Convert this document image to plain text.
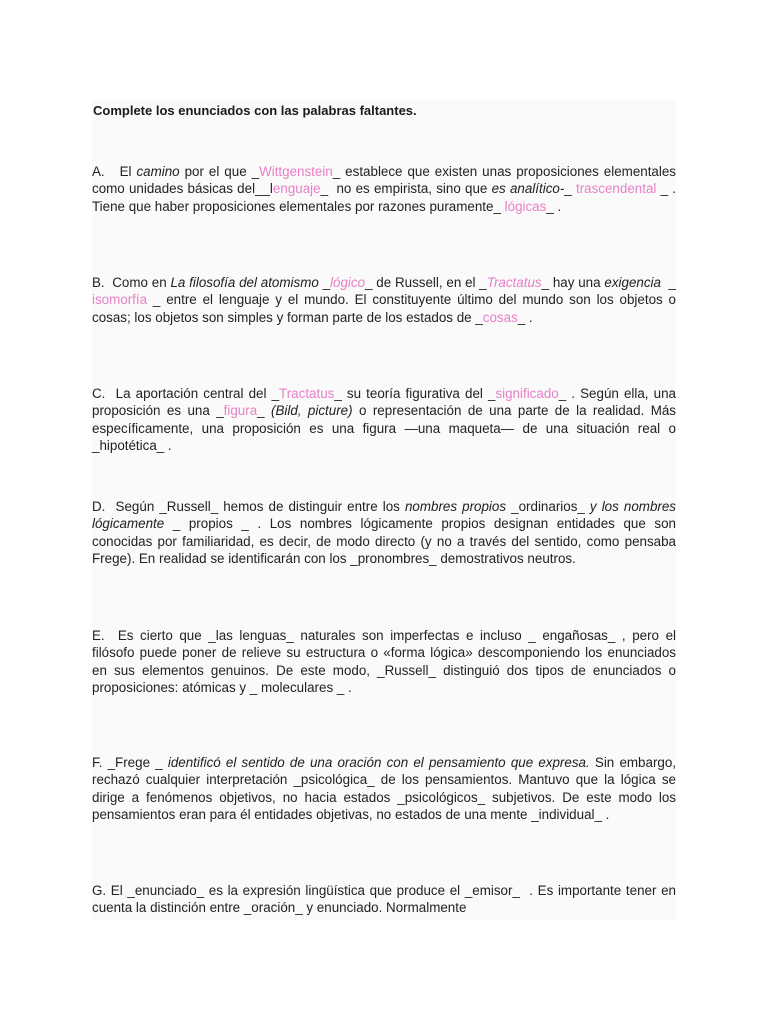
Complete los enunciados con las palabras faltantes.
A.   El camino por el que _Wittgenstein_ establece que existen unas proposiciones elementales como unidades básicas del__lenguaje_  no es empirista, sino que es analítico-_ trascendental _ . Tiene que haber proposiciones elementales por razones puramente_ lógicas_ .
B.  Como en La filosofía del atomismo _lógico_ de Russell, en el _Tractatus_ hay una exigencia  _ isomorfía _ entre el lenguaje y el mundo. El constituyente último del mundo son los objetos o cosas; los objetos son simples y forman parte de los estados de _cosas_ .
C.  La aportación central del _Tractatus_ su teoría figurativa del _significado_ . Según ella, una proposición es una _figura_ (Bild, picture) o representación de una parte de la realidad. Más específicamente, una proposición es una figura —una maqueta— de una situación real o _hipotética_ .
D.  Según _Russell_ hemos de distinguir entre los nombres propios _ordinarios_ y los nombres lógicamente _ propios _ . Los nombres lógicamente propios designan entidades que son conocidas por familiaridad, es decir, de modo directo (y no a través del sentido, como pensaba Frege). En realidad se identificarán con los _pronombres_ demostrativos neutros.
E.  Es cierto que _las lenguas_ naturales son imperfectas e incluso _ engañosas_ , pero el filósofo puede poner de relieve su estructura o «forma lógica» descomponiendo los enunciados en sus elementos genuinos. De este modo, _Russell_ distinguió dos tipos de enunciados o proposiciones: atómicas y _ moleculares _ .
F. _Frege _ identificó el sentido de una oración con el pensamiento que expresa. Sin embargo, rechazó cualquier interpretación _psicológica_ de los pensamientos. Mantuvo que la lógica se dirige a fenómenos objetivos, no hacia estados _psicológicos_ subjetivos. De este modo los pensamientos eran para él entidades objetivas, no estados de una mente _individual_ .
G. El _enunciado_ es la expresión lingüística que produce el _emisor_  . Es importante tener en cuenta la distinción entre _oración_ y enunciado. Normalmente
